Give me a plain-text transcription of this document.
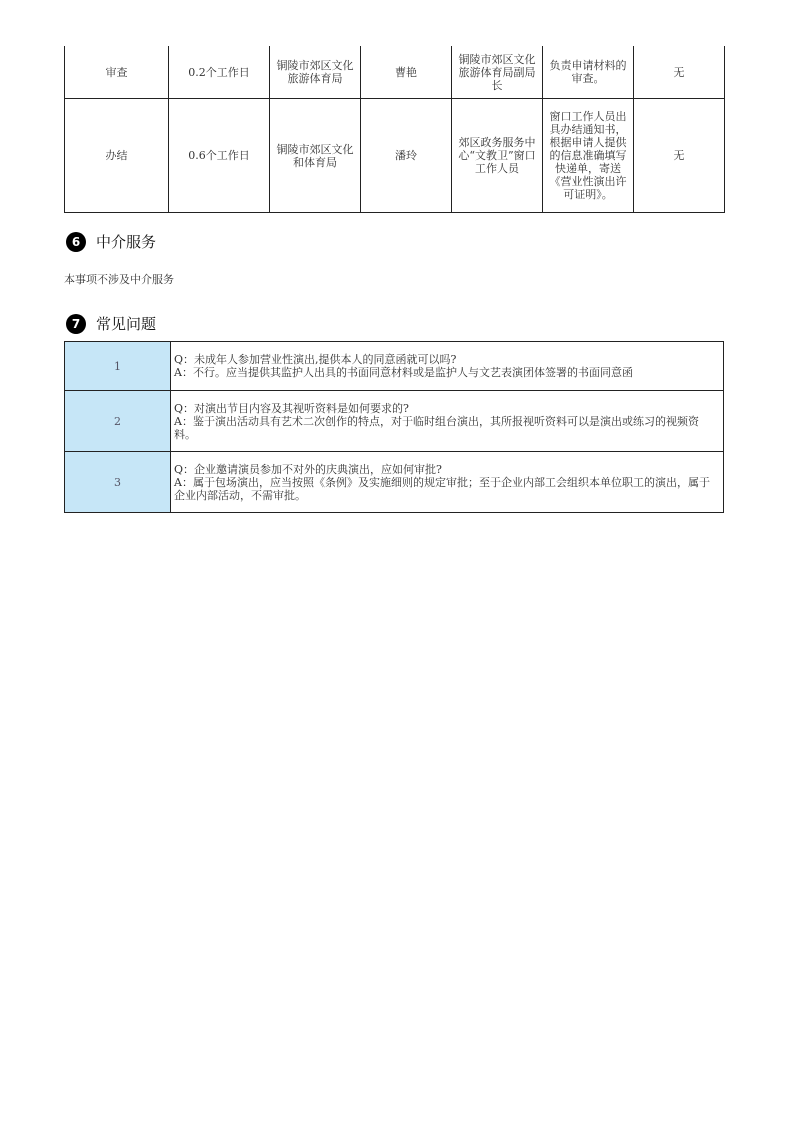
审查	0.2个工作日	铜陵市郊区文化旅游体育局	曹艳	铜陵市郊区文化旅游体育局副局长	负责申请材料的审查。	无
办结	0.6个工作日	铜陵市郊区文化和体育局	潘玲	郊区政务服务中心“文教卫”窗口工作人员	窗口工作人员出具办结通知书，根据申请人提供的信息准确填写快递单，寄送《营业性演出许可证明》。	无
6	中介服务
本事项不涉及中介服务
7	常见问题
1	Q：未成年人参加营业性演出,提供本人的同意函就可以吗?
A：不行。应当提供其监护人出具的书面同意材料或是监护人与文艺表演团体签署的书面同意函

2	Q：对演出节目内容及其视听资料是如何要求的?
A：鉴于演出活动具有艺术二次创作的特点，对于临时组台演出，其所报视听资料可以是演出或练习的视频资料。

3	Q：企业邀请演员参加不对外的庆典演出，应如何审批?
A：属于包场演出，应当按照《条例》及实施细则的规定审批；至于企业内部工会组织本单位职工的演出，属于企业内部活动，不需审批。
